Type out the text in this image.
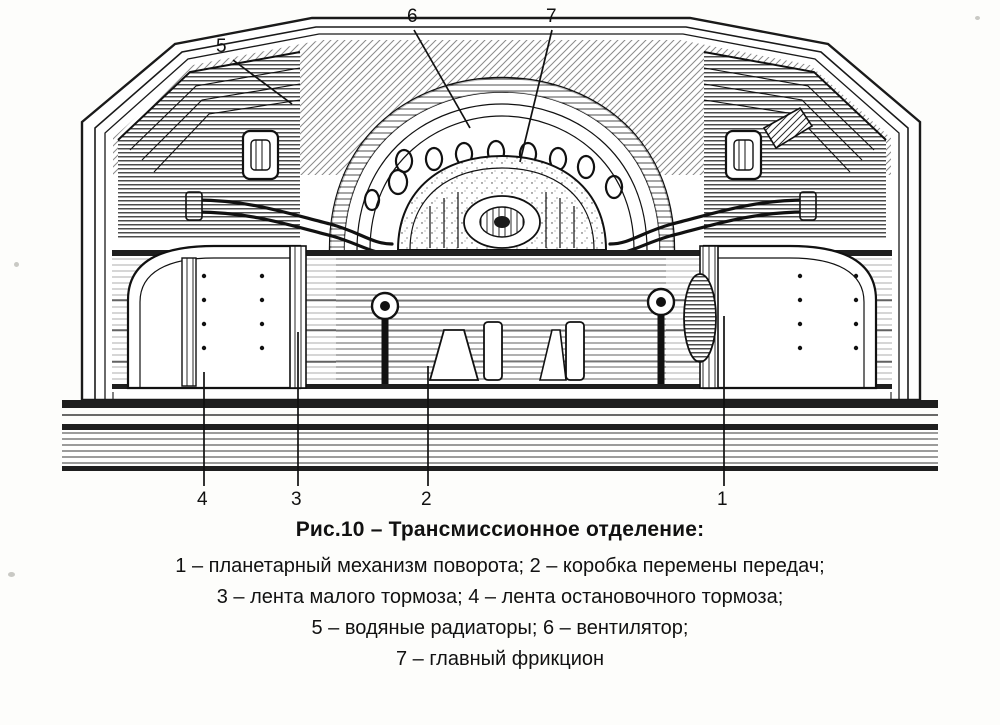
5
6	7
4	3	2	1
Рис.10 – Трансмиссионное отделение:

1 – планетарный механизм поворота; 2 – коробка перемены передач;

3 – лента малого тормоза; 4 – лента остановочного тормоза;

5 – водяные радиаторы; 6 – вентилятор;

7 – главный фрикцион
